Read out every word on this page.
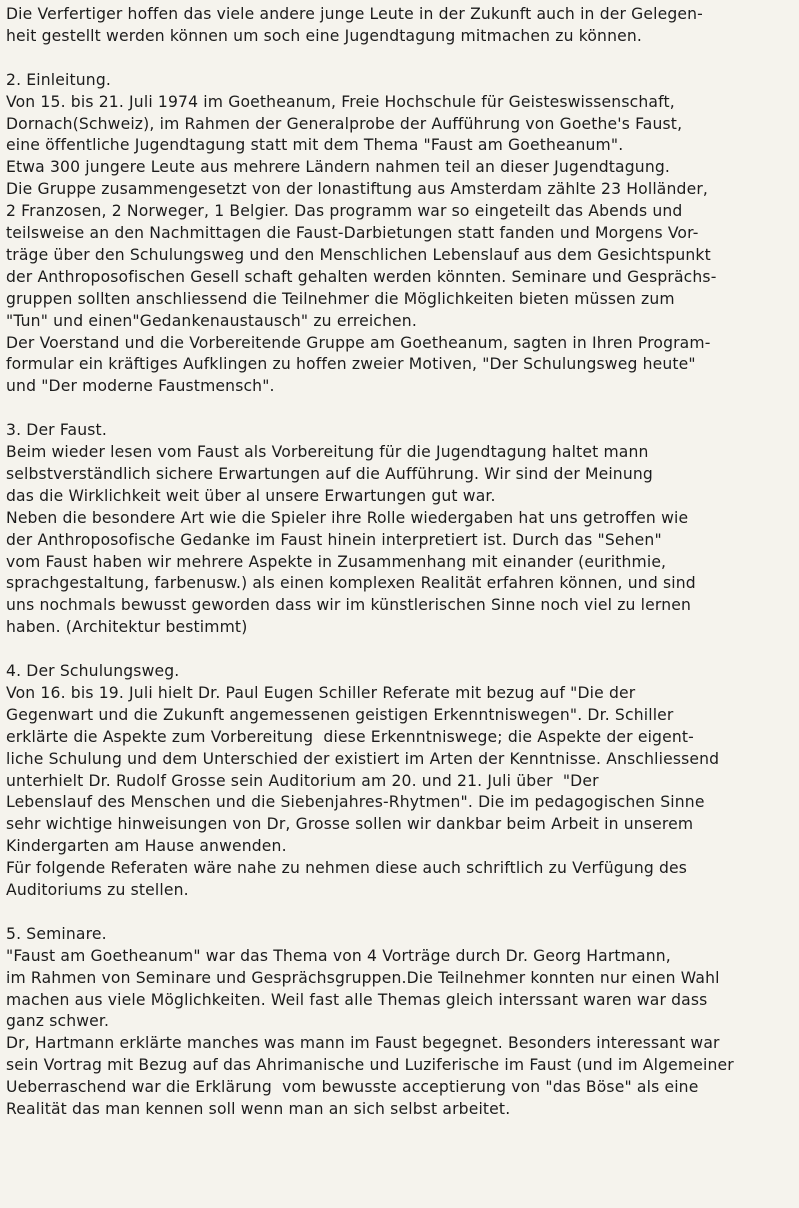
Die Verfertiger hoffen das viele andere junge Leute in der Zukunft auch in der Gelegen-
heit gestellt werden können um soch eine Jugendtagung mitmachen zu können.
2. Einleitung.
Von 15. bis 21. Juli 1974 im Goetheanum, Freie Hochschule für Geisteswissenschaft,
Dornach(Schweiz), im Rahmen der Generalprobe der Aufführung von Goethe's Faust,
eine öffentliche Jugendtagung statt mit dem Thema "Faust am Goetheanum".
Etwa 300 jungere Leute aus mehrere Ländern nahmen teil an dieser Jugendtagung.
Die Gruppe zusammengesetzt von der lonastiftung aus Amsterdam zählte 23 Holländer,
2 Franzosen, 2 Norweger, 1 Belgier. Das programm war so eingeteilt das Abends und
teilsweise an den Nachmittagen die Faust-Darbietungen statt fanden und Morgens Vor-
träge über den Schulungsweg und den Menschlichen Lebenslauf aus dem Gesichtspunkt
der Anthroposofischen Gesell schaft gehalten werden könnten. Seminare und Gesprächs-
gruppen sollten anschliessend die Teilnehmer die Möglichkeiten bieten müssen zum
"Tun" und einen"Gedankenaustausch" zu erreichen.
Der Voerstand und die Vorbereitende Gruppe am Goetheanum, sagten in Ihren Program-
formular ein kräftiges Aufklingen zu hoffen zweier Motiven, "Der Schulungsweg heute"
und "Der moderne Faustmensch".
3. Der Faust.
Beim wieder lesen vom Faust als Vorbereitung für die Jugendtagung haltet mann
selbstverständlich sichere Erwartungen auf die Aufführung. Wir sind der Meinung
das die Wirklichkeit weit über al unsere Erwartungen gut war.
Neben die besondere Art wie die Spieler ihre Rolle wiedergaben hat uns getroffen wie
der Anthroposofische Gedanke im Faust hinein interpretiert ist. Durch das "Sehen"
vom Faust haben wir mehrere Aspekte in Zusammenhang mit einander (eurithmie,
sprachgestaltung, farbenusw.) als einen komplexen Realität erfahren können, und sind
uns nochmals bewusst geworden dass wir im künstlerischen Sinne noch viel zu lernen
haben. (Architektur bestimmt)
4. Der Schulungsweg.
Von 16. bis 19. Juli hielt Dr. Paul Eugen Schiller Referate mit bezug auf "Die der
Gegenwart und die Zukunft angemessenen geistigen Erkenntniswegen". Dr. Schiller
erklärte die Aspekte zum Vorbereitung  diese Erkenntniswege; die Aspekte der eigent-
liche Schulung und dem Unterschied der existiert im Arten der Kenntnisse. Anschliessend
unterhielt Dr. Rudolf Grosse sein Auditorium am 20. und 21. Juli über  "Der
Lebenslauf des Menschen und die Siebenjahres-Rhytmen". Die im pedagogischen Sinne
sehr wichtige hinweisungen von Dr, Grosse sollen wir dankbar beim Arbeit in unserem
Kindergarten am Hause anwenden.
Für folgende Referaten wäre nahe zu nehmen diese auch schriftlich zu Verfügung des
Auditoriums zu stellen.
5. Seminare.
"Faust am Goetheanum" war das Thema von 4 Vorträge durch Dr. Georg Hartmann,
im Rahmen von Seminare und Gesprächsgruppen.Die Teilnehmer konnten nur einen Wahl
machen aus viele Möglichkeiten. Weil fast alle Themas gleich interssant waren war dass
ganz schwer.
Dr, Hartmann erklärte manches was mann im Faust begegnet. Besonders interessant war
sein Vortrag mit Bezug auf das Ahrimanische und Luziferische im Faust (und im Algemeiner
Ueberraschend war die Erklärung  vom bewusste acceptierung von "das Böse" als eine
Realität das man kennen soll wenn man an sich selbst arbeitet.
